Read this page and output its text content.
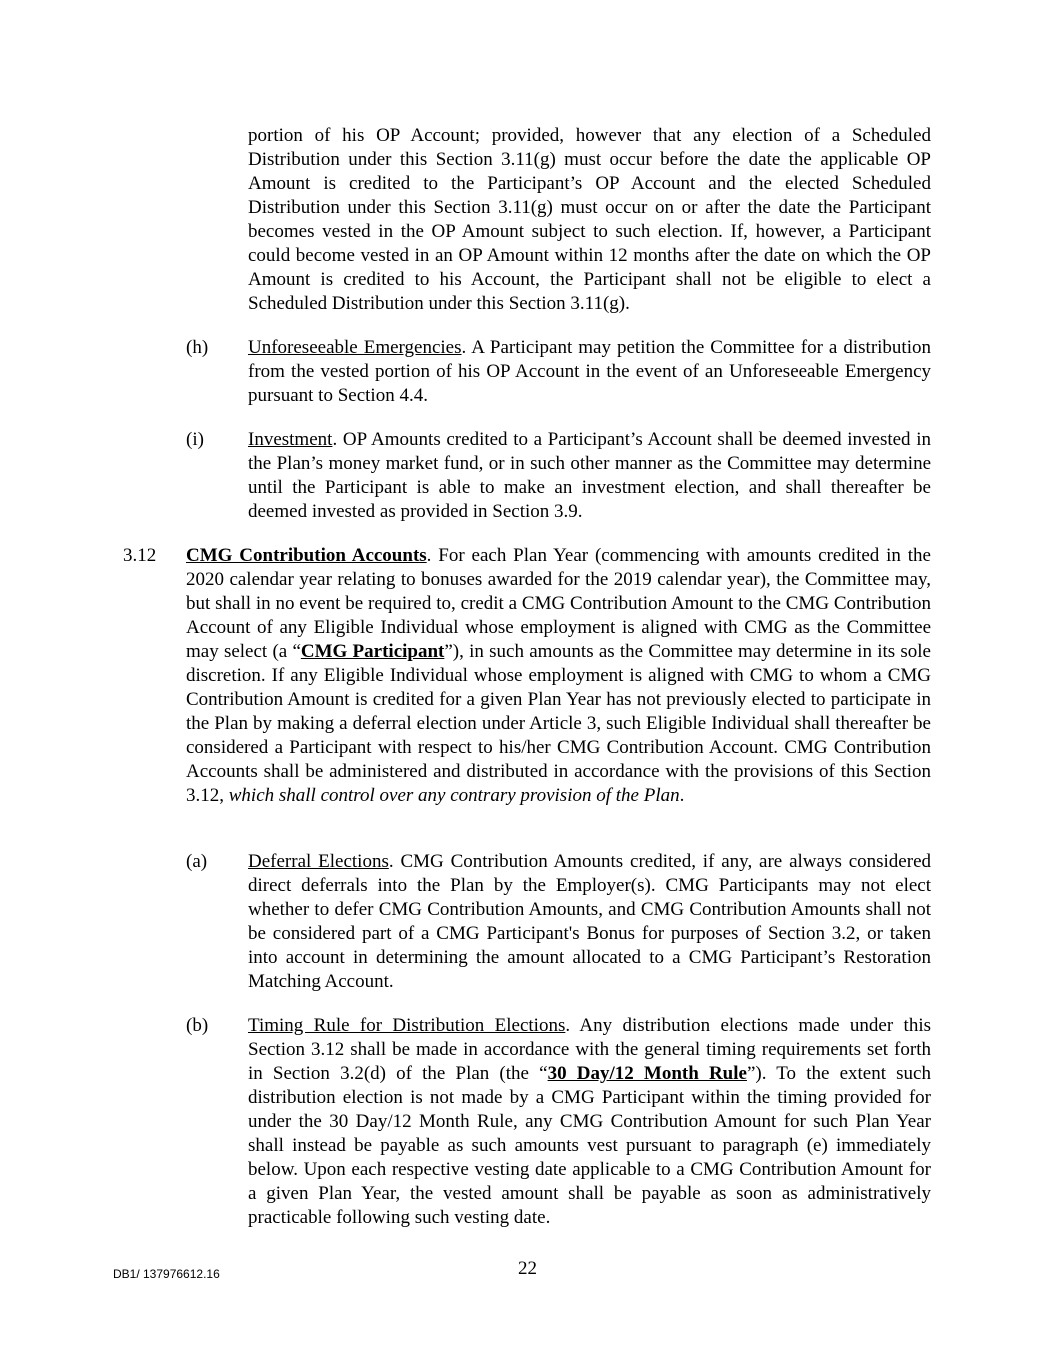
portion of his OP Account; provided, however that any election of a Scheduled Distribution under this Section 3.11(g) must occur before the date the applicable OP Amount is credited to the Participant’s OP Account and the elected Scheduled Distribution under this Section 3.11(g) must occur on or after the date the Participant becomes vested in the OP Amount subject to such election. If, however, a Participant could become vested in an OP Amount within 12 months after the date on which the OP Amount is credited to his Account, the Participant shall not be eligible to elect a Scheduled Distribution under this Section 3.11(g).

(h) Unforeseeable Emergencies. A Participant may petition the Committee for a distribution from the vested portion of his OP Account in the event of an Unforeseeable Emergency pursuant to Section 4.4.

(i) Investment. OP Amounts credited to a Participant’s Account shall be deemed invested in the Plan’s money market fund, or in such other manner as the Committee may determine until the Participant is able to make an investment election, and shall thereafter be deemed invested as provided in Section 3.9.

3.12 CMG Contribution Accounts. For each Plan Year (commencing with amounts credited in the 2020 calendar year relating to bonuses awarded for the 2019 calendar year), the Committee may, but shall in no event be required to, credit a CMG Contribution Amount to the CMG Contribution Account of any Eligible Individual whose employment is aligned with CMG as the Committee may select (a “CMG Participant”), in such amounts as the Committee may determine in its sole discretion. If any Eligible Individual whose employment is aligned with CMG to whom a CMG Contribution Amount is credited for a given Plan Year has not previously elected to participate in the Plan by making a deferral election under Article 3, such Eligible Individual shall thereafter be considered a Participant with respect to his/her CMG Contribution Account. CMG Contribution Accounts shall be administered and distributed in accordance with the provisions of this Section 3.12, which shall control over any contrary provision of the Plan.

(a) Deferral Elections. CMG Contribution Amounts credited, if any, are always considered direct deferrals into the Plan by the Employer(s). CMG Participants may not elect whether to defer CMG Contribution Amounts, and CMG Contribution Amounts shall not be considered part of a CMG Participant's Bonus for purposes of Section 3.2, or taken into account in determining the amount allocated to a CMG Participant’s Restoration Matching Account.

(b) Timing Rule for Distribution Elections. Any distribution elections made under this Section 3.12 shall be made in accordance with the general timing requirements set forth in Section 3.2(d) of the Plan (the “30 Day/12 Month Rule”). To the extent such distribution election is not made by a CMG Participant within the timing provided for under the 30 Day/12 Month Rule, any CMG Contribution Amount for such Plan Year shall instead be payable as such amounts vest pursuant to paragraph (e) immediately below. Upon each respective vesting date applicable to a CMG Contribution Amount for a given Plan Year, the vested amount shall be payable as soon as administratively practicable following such vesting date.

DB1/ 137976612.16	22
